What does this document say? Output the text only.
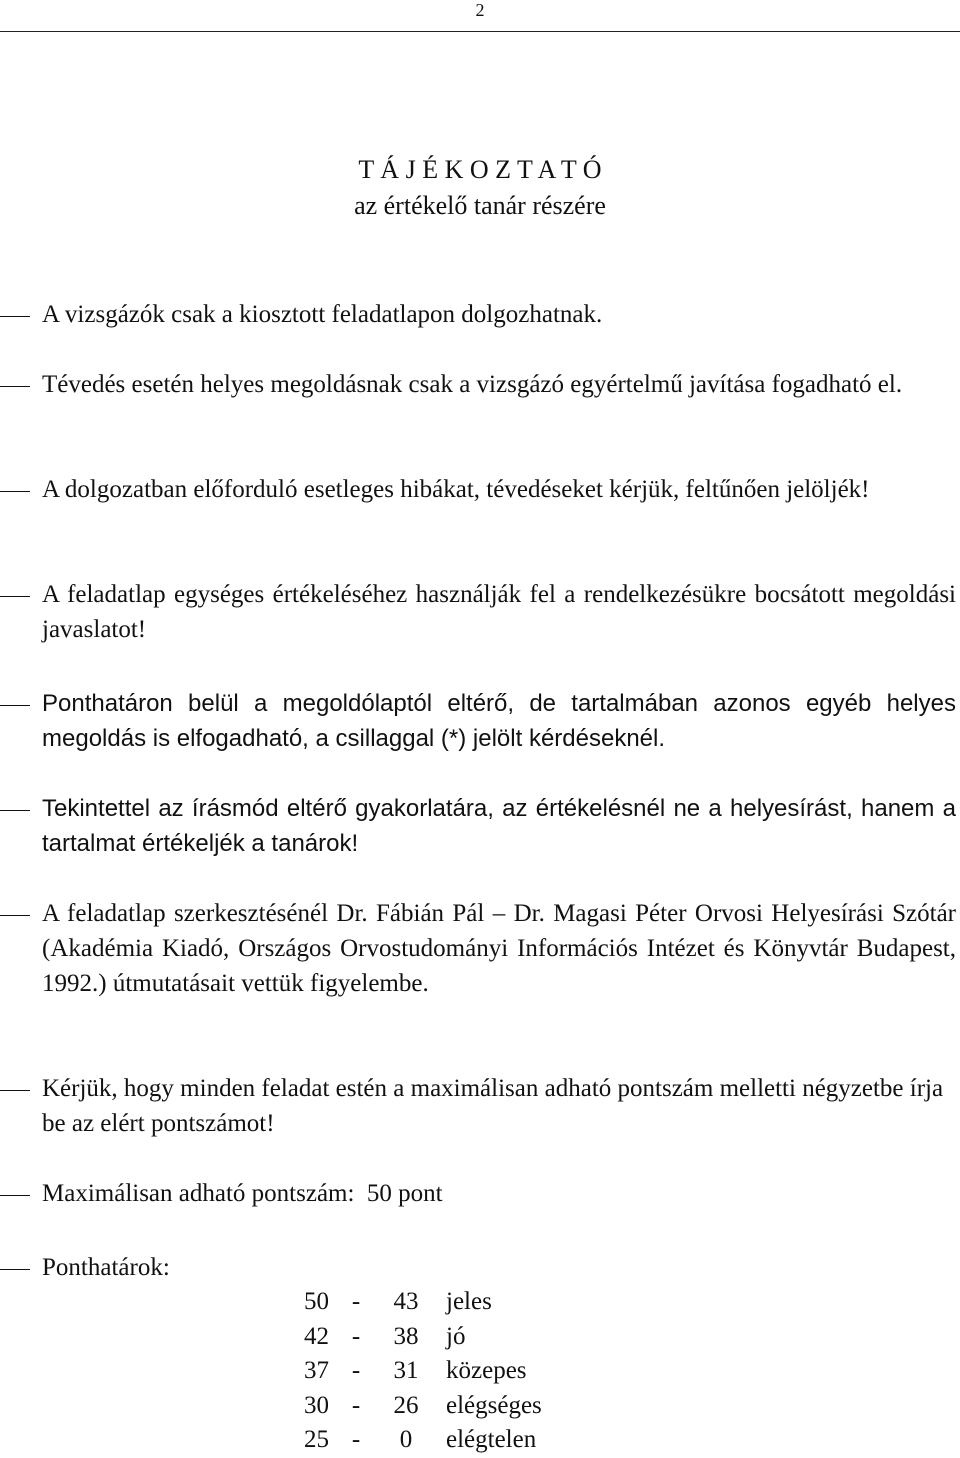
2
T Á J É K O Z T A T Ó
az értékelő tanár részére

A vizsgázók csak a kiosztott feladatlapon dolgozhatnak.

Tévedés esetén helyes megoldásnak csak a vizsgázó egyértelmű javítása fogadható el.

A dolgozatban előforduló esetleges hibákat, tévedéseket kérjük, feltűnően jelöljék!

A feladatlap egységes értékeléséhez használják fel a rendelkezésükre bocsátott megoldási javaslatot!

Ponthatáron belül a megoldólaptól eltérő, de tartalmában azonos egyéb helyes megoldás is elfogadható, a csillaggal (*) jelölt kérdéseknél.

Tekintettel az írásmód eltérő gyakorlatára, az értékelésnél ne a helyesírást, hanem a tartalmat értékeljék a tanárok!

A feladatlap szerkesztésénél Dr. Fábián Pál – Dr. Magasi Péter Orvosi Helyesírási Szótár (Akadémia Kiadó, Országos Orvostudományi Információs Intézet és Könyvtár Budapest, 1992.) útmutatásait vettük figyelembe.

Kérjük, hogy minden feladat estén a maximálisan adható pontszám melletti négyzetbe írja be az elért pontszámot!

Maximálisan adható pontszám:  50 pont

Ponthatárok:

50	-	43	jeles
42	-	38	jó
37	-	31	közepes
30	-	26	elégséges
25	-	0	elégtelen
